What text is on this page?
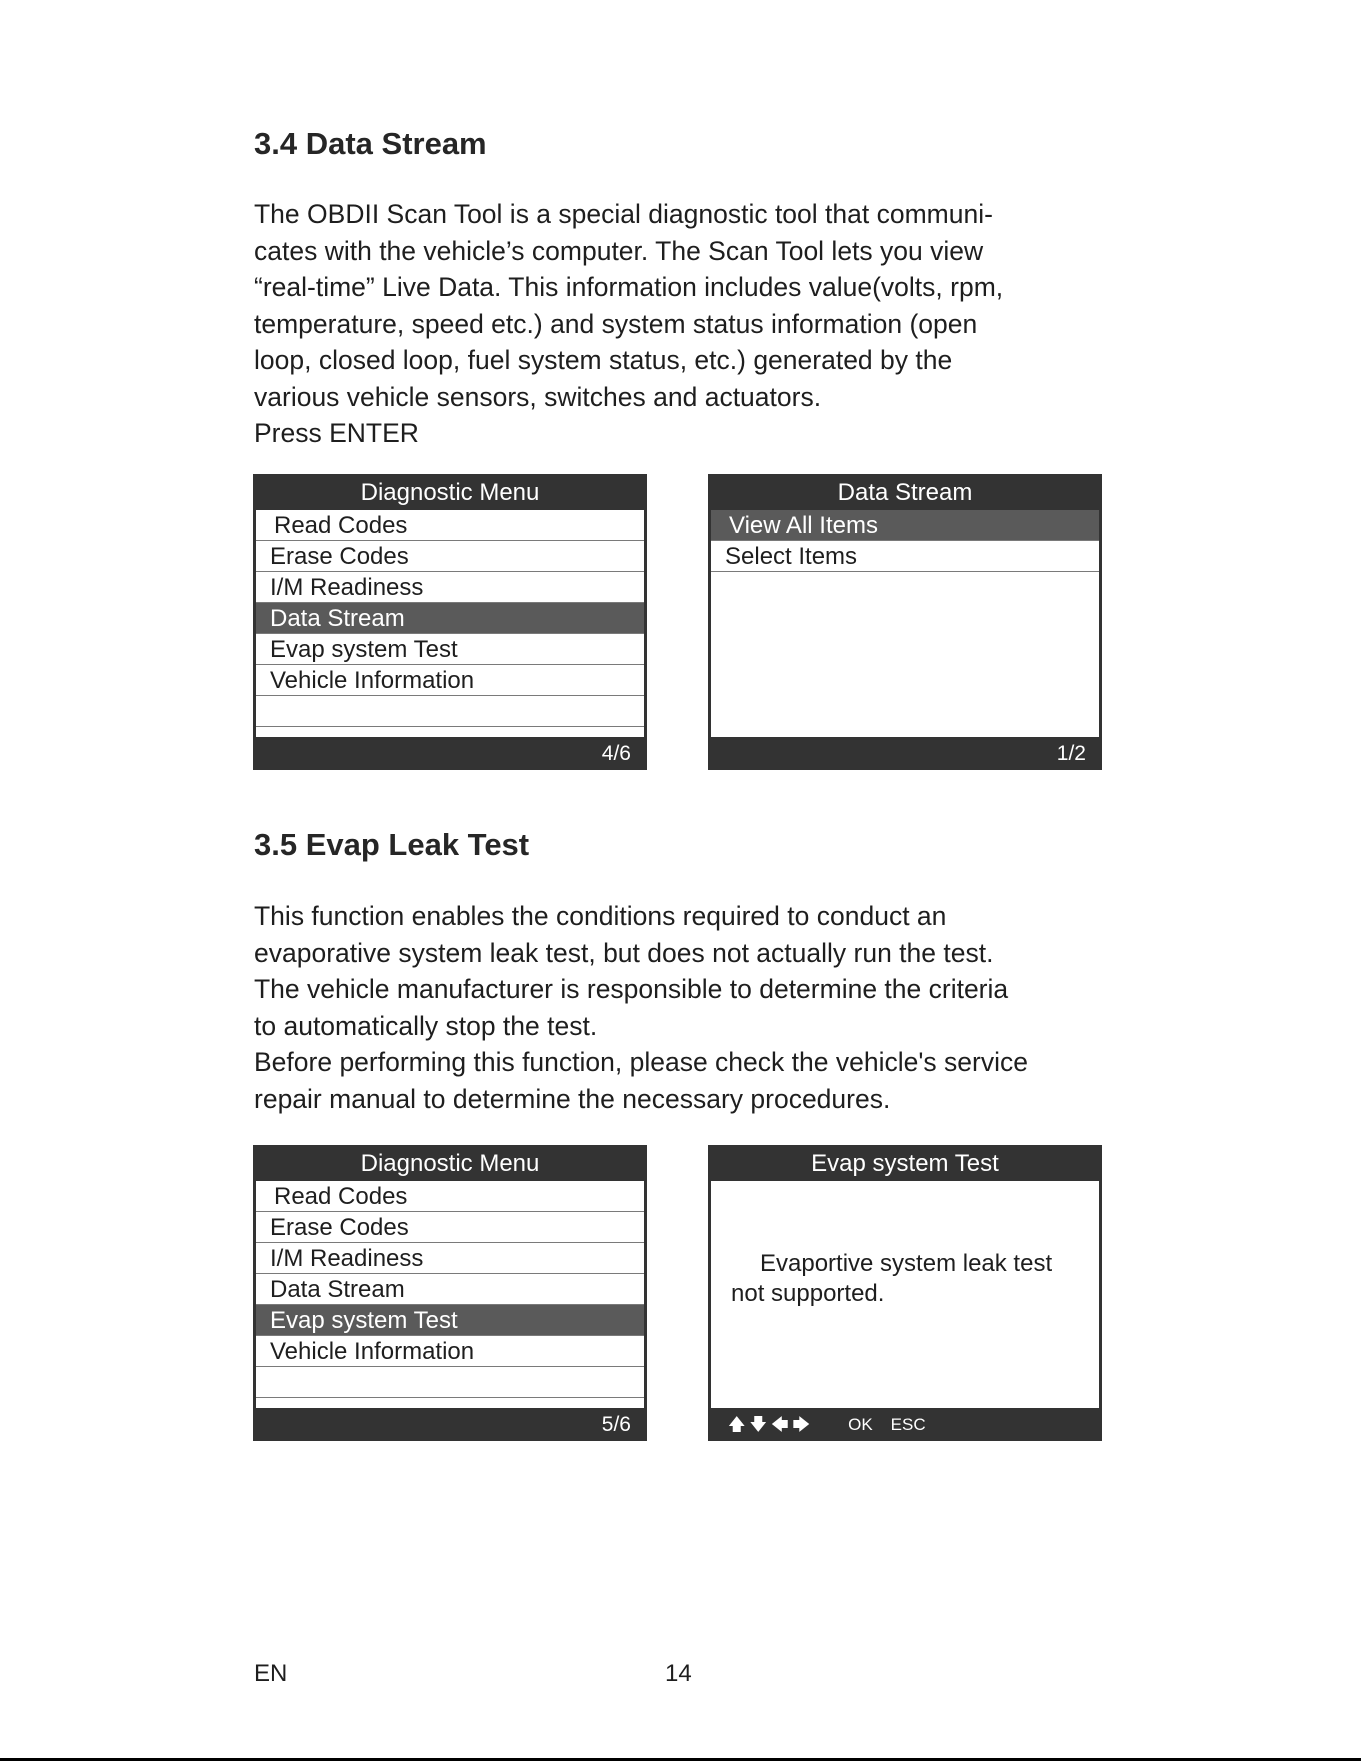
3.4 Data Stream

The OBDII Scan Tool is a special diagnostic tool that communi-
cates with the vehicle’s computer. The Scan Tool lets you view
“real-time” Live Data. This information includes value(volts, rpm,
temperature, speed etc.) and system status information (open
loop, closed loop, fuel system status, etc.) generated by the
various vehicle sensors, switches and actuators.
Press ENTER

Diagnostic Menu
Read Codes
Erase Codes
I/M Readiness
Data Stream
Evap system Test
Vehicle Information
4/6
Data Stream
View All Items
Select Items
1/2
3.5 Evap Leak Test

This function enables the conditions required to conduct an
evaporative system leak test, but does not actually run the test.
The vehicle manufacturer is responsible to determine the criteria
to automatically stop the test.
Before performing this function, please check the vehicle's service
repair manual to determine the necessary procedures.

Diagnostic Menu
Read Codes
Erase Codes
I/M Readiness
Data Stream
Evap system Test
Vehicle Information
5/6
Evap system Test
Evaportive system leak test
not supported.
🡅 🡇 🡄 🡆 OK ESC
EN	14
